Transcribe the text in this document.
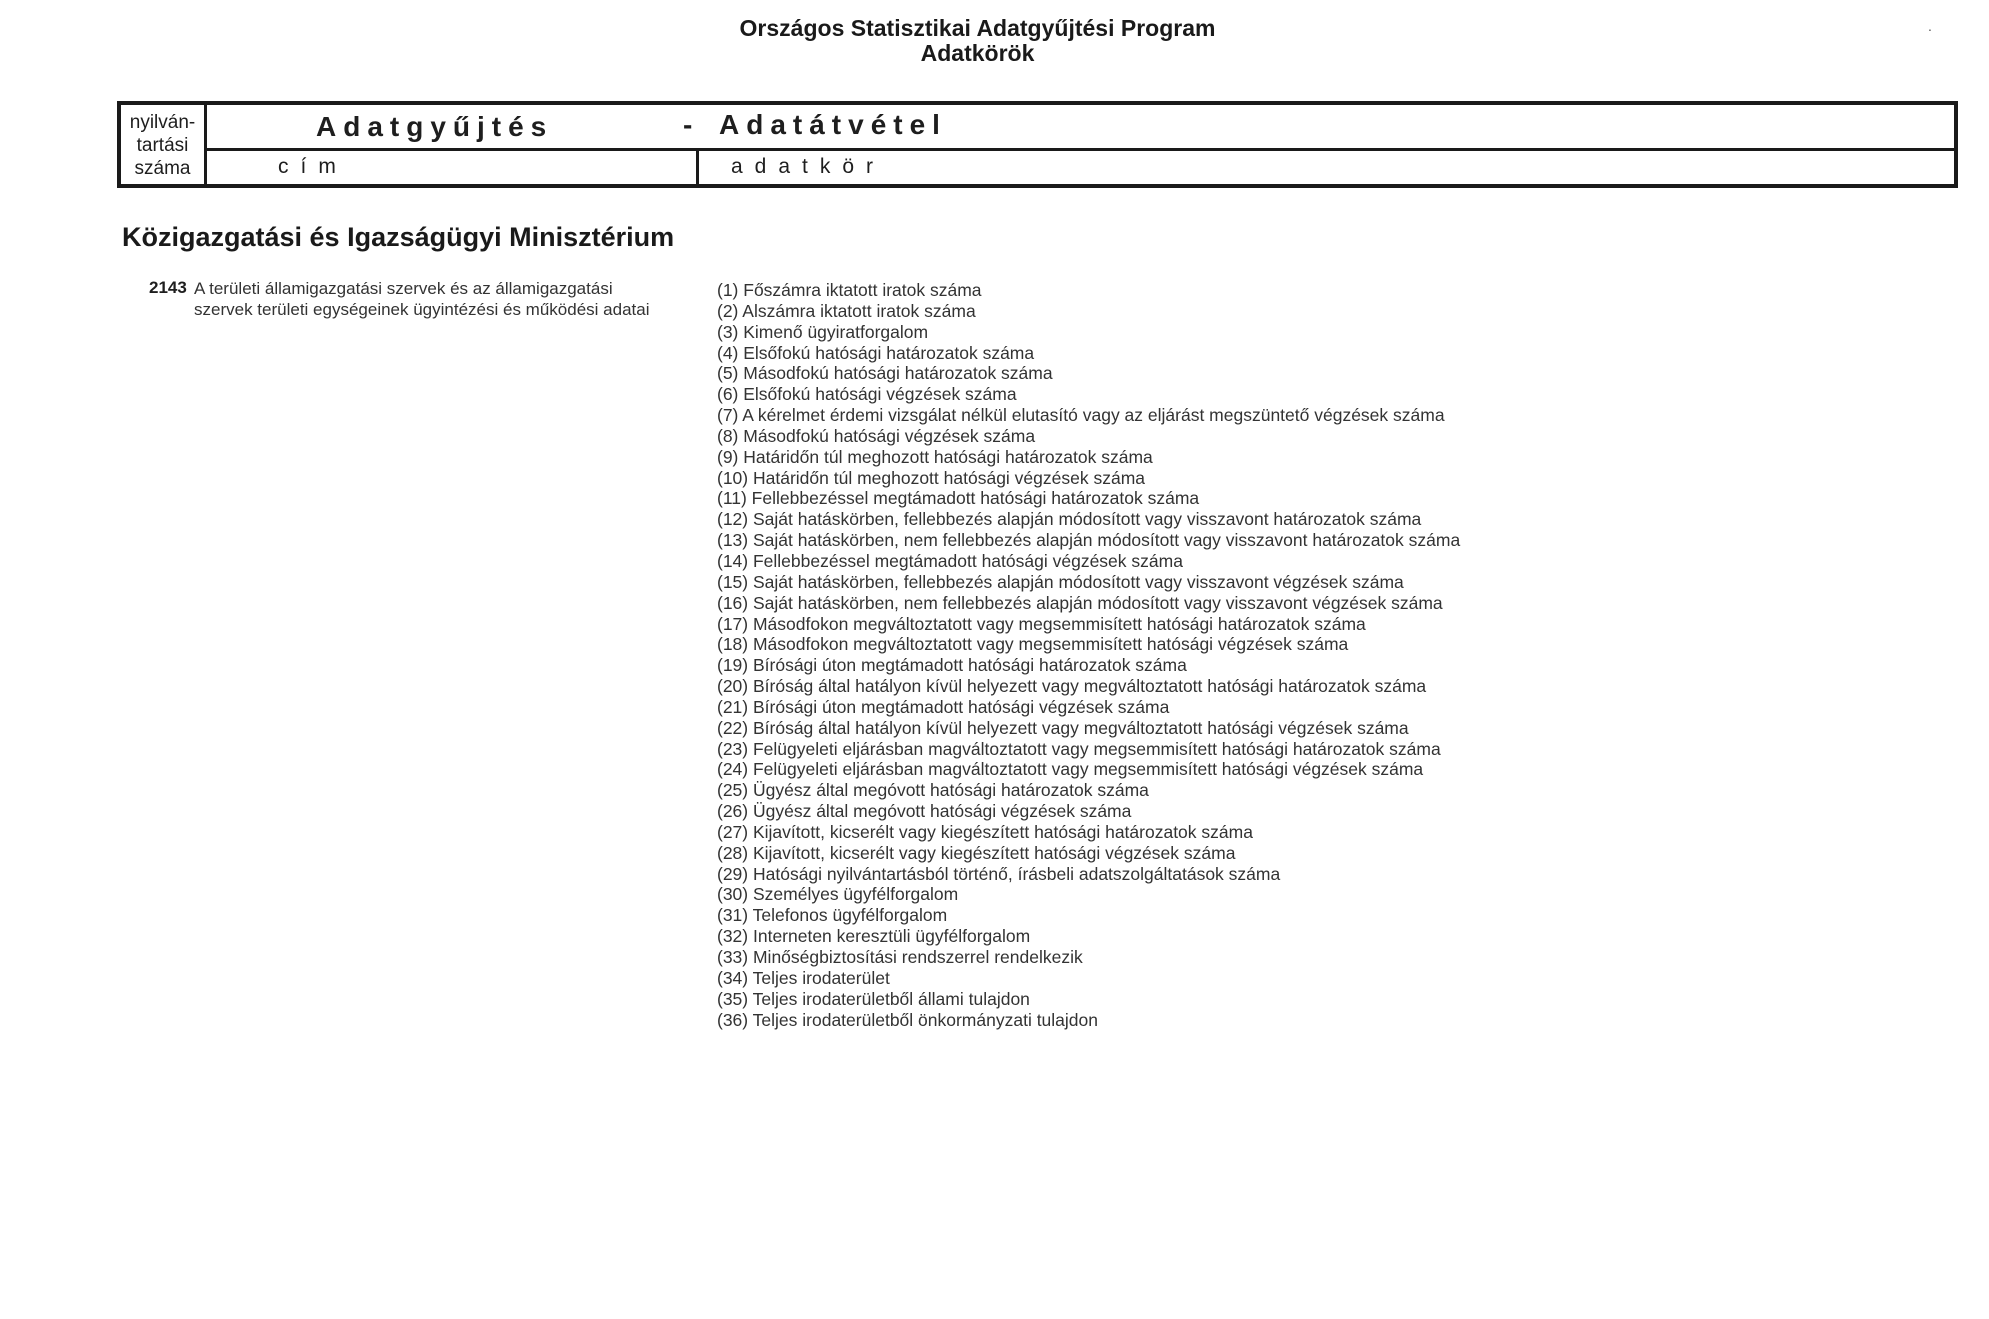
Országos Statisztikai Adatgyűjtési Program
Adatkörök
.
nyilván-
tartási
száma
Adatgyűjtés	- Adatátvétel
cím	adatkör
Közigazgatási és Igazságügyi Minisztérium
2143 A területi államigazgatási szervek és az államigazgatási szervek területi egységeinek ügyintézési és működési adatai
(1) Főszámra iktatott iratok száma
(2) Alszámra iktatott iratok száma
(3) Kimenő ügyiratforgalom
(4) Elsőfokú hatósági határozatok száma
(5) Másodfokú hatósági határozatok száma
(6) Elsőfokú hatósági végzések száma
(7) A kérelmet érdemi vizsgálat nélkül elutasító vagy az eljárást megszüntető végzések száma
(8) Másodfokú hatósági végzések száma
(9) Határidőn túl meghozott hatósági határozatok száma
(10) Határidőn túl meghozott hatósági végzések száma
(11) Fellebbezéssel megtámadott hatósági határozatok száma
(12) Saját hatáskörben, fellebbezés alapján módosított vagy visszavont határozatok száma
(13) Saját hatáskörben, nem fellebbezés alapján módosított vagy visszavont határozatok száma
(14) Fellebbezéssel megtámadott hatósági végzések száma
(15) Saját hatáskörben, fellebbezés alapján módosított vagy visszavont végzések száma
(16) Saját hatáskörben, nem fellebbezés alapján módosított vagy visszavont végzések száma
(17) Másodfokon megváltoztatott vagy megsemmisített hatósági határozatok száma
(18) Másodfokon megváltoztatott vagy megsemmisített hatósági végzések száma
(19) Bírósági úton megtámadott hatósági határozatok száma
(20) Bíróság által hatályon kívül helyezett vagy megváltoztatott hatósági határozatok száma
(21) Bírósági úton megtámadott hatósági végzések száma
(22) Bíróság által hatályon kívül helyezett vagy megváltoztatott hatósági végzések száma
(23) Felügyeleti eljárásban magváltoztatott vagy megsemmisített hatósági határozatok száma
(24) Felügyeleti eljárásban magváltoztatott vagy megsemmisített hatósági végzések száma
(25) Ügyész által megóvott hatósági határozatok száma
(26) Ügyész által megóvott hatósági végzések száma
(27) Kijavított, kicserélt vagy kiegészített hatósági határozatok száma
(28) Kijavított, kicserélt vagy kiegészített hatósági végzések száma
(29) Hatósági nyilvántartásból történő, írásbeli adatszolgáltatások száma
(30) Személyes ügyfélforgalom
(31) Telefonos ügyfélforgalom
(32) Interneten keresztüli ügyfélforgalom
(33) Minőségbiztosítási rendszerrel rendelkezik
(34) Teljes irodaterület
(35) Teljes irodaterületből állami tulajdon
(36) Teljes irodaterületből önkormányzati tulajdon
